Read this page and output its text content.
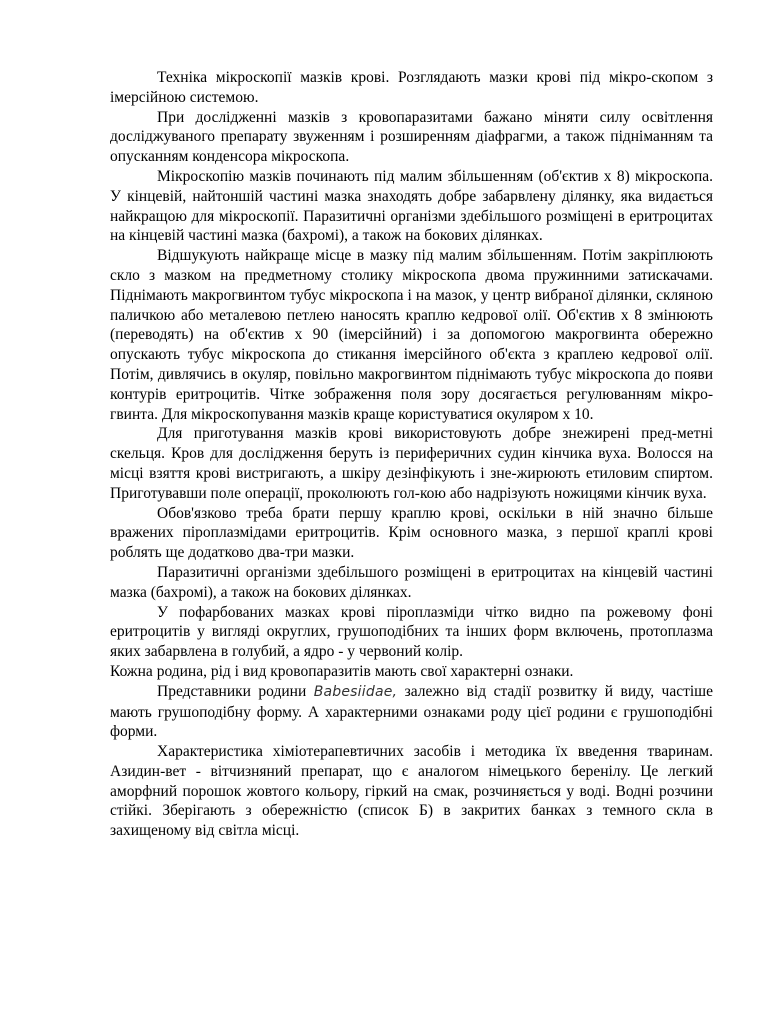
Техніка мікроскопії мазків крові. Розглядають мазки крові під мікро-скопом з імерсійною системою.

При дослідженні мазків з кровопаразитами бажано міняти силу освітлення досліджуваного препарату звуженням і розширенням діафрагми, а також підніманням та опусканням конденсора мікроскопа.

Мікроскопію мазків починають під малим збільшенням (об'єктив х 8) мікроскопа. У кінцевій, найтоншій частині мазка знаходять добре забарвлену ділянку, яка видається найкращою для мікроскопії. Паразитичні організми здебільшого розміщені в еритроцитах на кінцевій частині мазка (бахромі), а також на бокових ділянках.

Відшукують найкраще місце в мазку під малим збільшенням. Потім закріплюють скло з мазком на предметному столику мікроскопа двома пружинними затискачами. Піднімають макрогвинтом тубус мікроскопа і на мазок, у центр вибраної ділянки, скляною паличкою або металевою петлею наносять краплю кедрової олії. Об'єктив х 8 змінюють (переводять) на об'єктив х 90 (імерсійний) і за допомогою макрогвинта обережно опускають тубус мікроскопа до стикання імерсійного об'єкта з краплею кедрової олії. Потім, дивлячись в окуляр, повільно макрогвинтом піднімають тубус мікроскопа до появи контурів еритроцитів. Чітке зображення поля зору досягається регулюванням мікро-гвинта. Для мікроскопування мазків краще користуватися окуляром х 10.

Для приготування мазків крові використовують добре знежирені пред-метні скельця. Кров для дослідження беруть із периферичних судин кінчика вуха. Волосся на місці взяття крові вистригають, а шкіру дезінфікують і зне-жирюють етиловим спиртом. Приготувавши поле операції, проколюють гол-кою або надрізують ножицями кінчик вуха.

Обов'язково треба брати першу краплю крові, оскільки в ній значно більше вражених піроплазмідами еритроцитів. Крім основного мазка, з першої краплі крові роблять ще додатково два-три мазки.

Паразитичні організми здебільшого розміщені в еритроцитах на кінцевій частині мазка (бахромі), а також на бокових ділянках.

У пофарбованих мазках крові піроплазміди чітко видно па рожевому фоні еритроцитів у вигляді округлих, грушоподібних та інших форм включень, протоплазма яких забарвлена в голубий, а ядро - у червоний колір.

Кожна родина, рід і вид кровопаразитів мають свої характерні ознаки.

Представники родини Babesiidae, залежно від стадії розвитку й виду, частіше мають грушоподібну форму. А характерними ознаками роду цієї родини є грушоподібні форми.

Характеристика хіміотерапевтичних засобів і методика їх введення тваринам. Азидин-вет - вітчизняний препарат, що є аналогом німецького беренілу. Це легкий аморфний порошок жовтого кольору, гіркий на смак, розчиняється у воді. Водні розчини стійкі. Зберігають з обережністю (список Б) в закритих банках з темного скла в захищеному від світла місці.
